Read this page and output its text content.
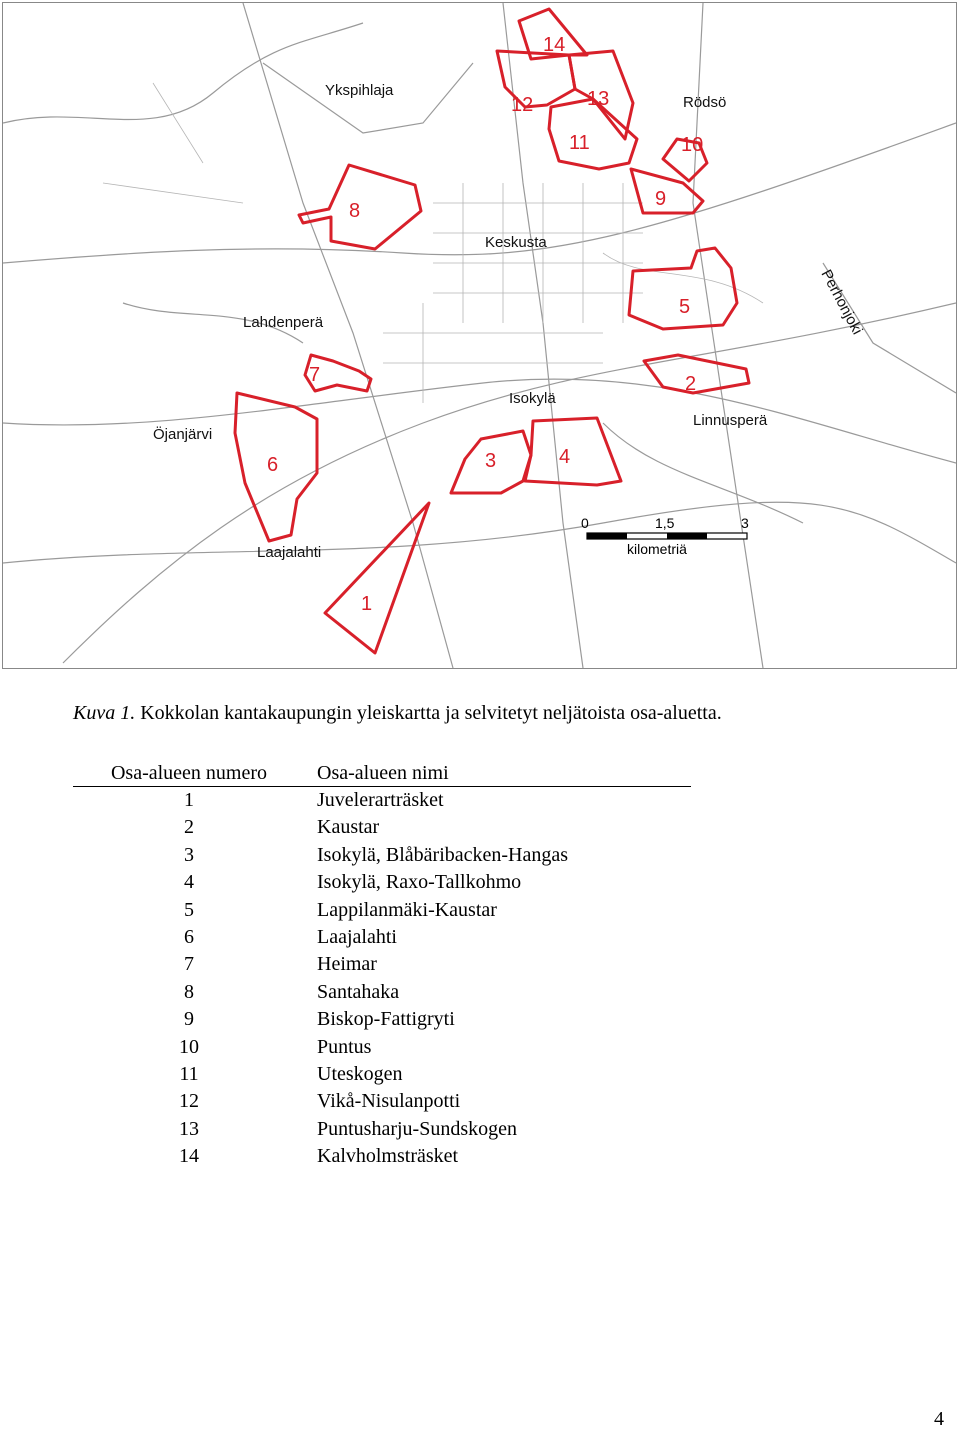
1
2
3	4
5
6
7
8
9
10
11
12	13
14
Ykspihlaja
Rödsö
Keskusta
Lahdenperä
Isokylä
Linnusperä
Öjanjärvi
Laajalahti
Perhonjoki
0	1,5	3
kilometriä
Kuva 1. Kokkolan kantakaupungin yleiskartta ja selvitetyt neljätoista osa-aluetta.
Osa-alueen numero	Osa-alueen nimi
1	Juvelerarträsket
2	Kaustar
3	Isokylä, Blåbäribacken-Hangas
4	Isokylä, Raxo-Tallkohmo
5	Lappilanmäki-Kaustar
6	Laajalahti
7	Heimar
8	Santahaka
9	Biskop-Fattigryti
10	Puntus
11	Uteskogen
12	Vikå-Nisulanpotti
13	Puntusharju-Sundskogen
14	Kalvholmsträsket
4
